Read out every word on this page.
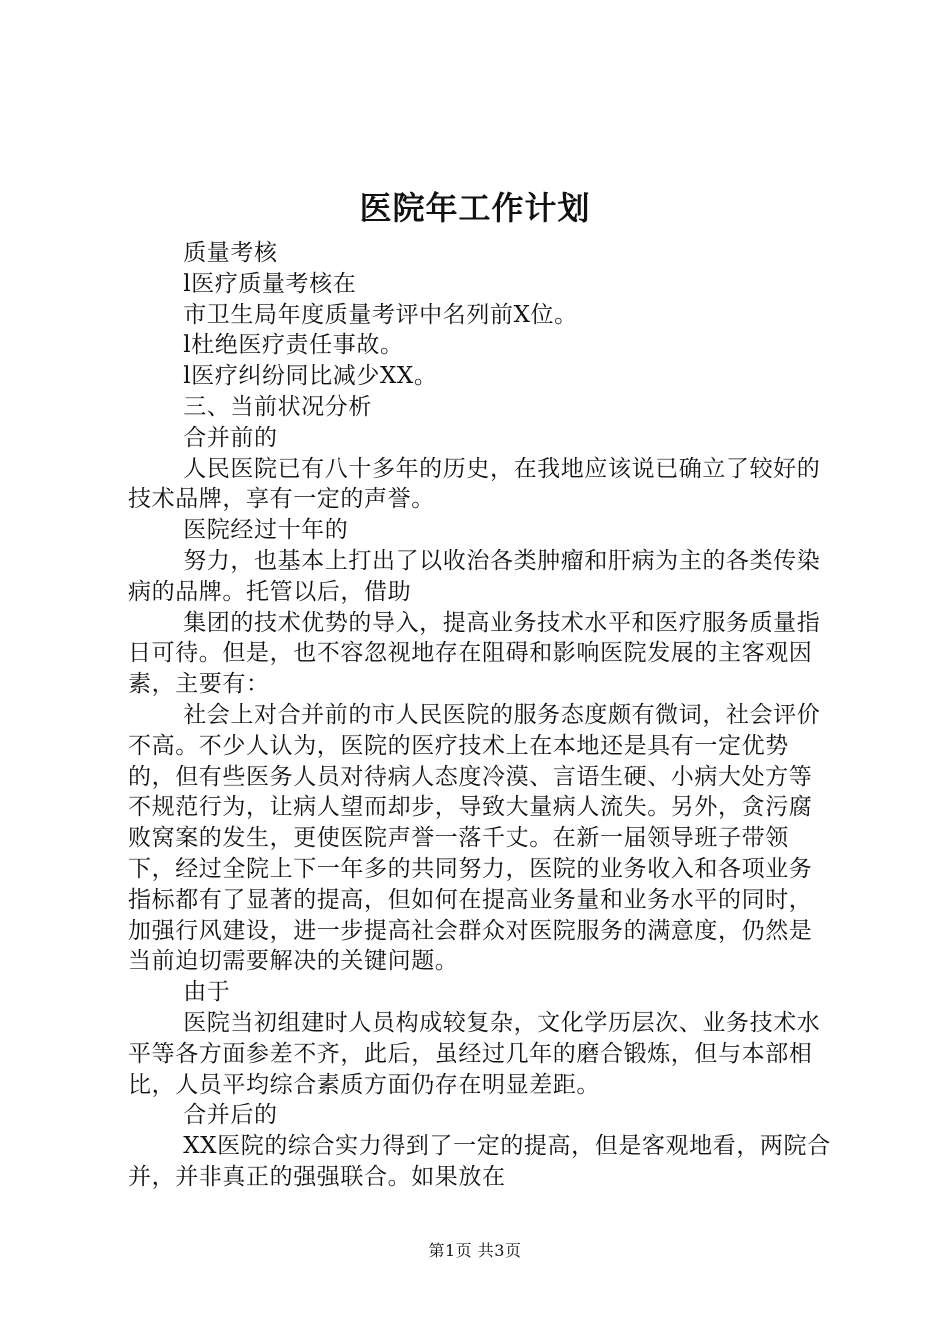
医院年工作计划

质量考核

l医疗质量考核在

市卫生局年度质量考评中名列前X位。

l杜绝医疗责任事故。

l医疗纠纷同比减少XX。

三、当前状况分析

合并前的

人民医院已有八十多年的历史，在我地应该说已确立了较好的技术品牌，享有一定的声誉。

医院经过十年的

努力，也基本上打出了以收治各类肿瘤和肝病为主的各类传染病的品牌。托管以后，借助

集团的技术优势的导入，提高业务技术水平和医疗服务质量指日可待。但是，也不容忽视地存在阻碍和影响医院发展的主客观因素，主要有：

社会上对合并前的市人民医院的服务态度颇有微词，社会评价不高。不少人认为，医院的医疗技术上在本地还是具有一定优势的，但有些医务人员对待病人态度冷漠、言语生硬、小病大处方等不规范行为，让病人望而却步，导致大量病人流失。另外，贪污腐败窝案的发生，更使医院声誉一落千丈。在新一届领导班子带领下，经过全院上下一年多的共同努力，医院的业务收入和各项业务指标都有了显著的提高，但如何在提高业务量和业务水平的同时，加强行风建设，进一步提高社会群众对医院服务的满意度，仍然是当前迫切需要解决的关键问题。

由于

医院当初组建时人员构成较复杂，文化学历层次、业务技术水平等各方面参差不齐，此后，虽经过几年的磨合锻炼，但与本部相比，人员平均综合素质方面仍存在明显差距。

合并后的

XX医院的综合实力得到了一定的提高，但是客观地看，两院合并，并非真正的强强联合。如果放在

第1页 共3页
